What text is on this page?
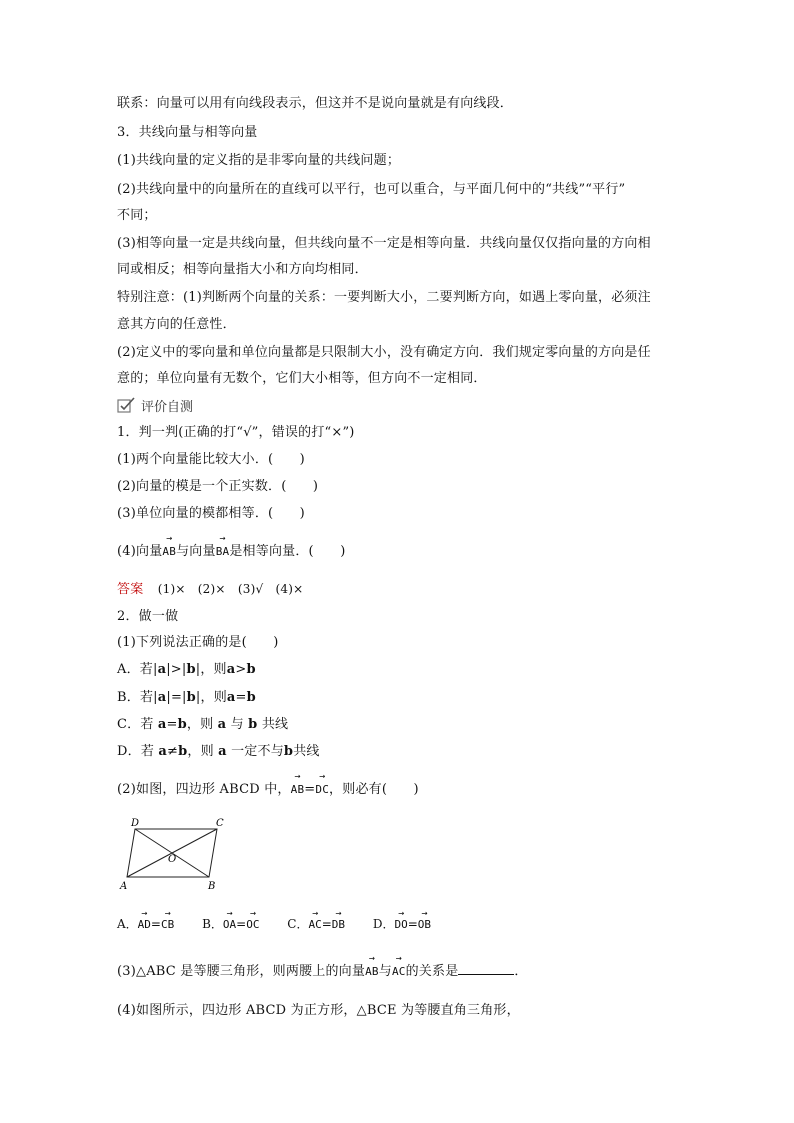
联系：向量可以用有向线段表示，但这并不是说向量就是有向线段．
3．共线向量与相等向量
(1)共线向量的定义指的是非零向量的共线问题；
(2)共线向量中的向量所在的直线可以平行，也可以重合，与平面几何中的“共线”“平行”
不同；
(3)相等向量一定是共线向量，但共线向量不一定是相等向量．共线向量仅仅指向量的方向相
同或相反；相等向量指大小和方向均相同．
特别注意：(1)判断两个向量的关系：一要判断大小，二要判断方向，如遇上零向量，必须注
意其方向的任意性．
(2)定义中的零向量和单位向量都是只限制大小，没有确定方向．我们规定零向量的方向是任
意的；单位向量有无数个，它们大小相等，但方向不一定相同．
评价自测
1．判一判(正确的打“√”，错误的打“×”)
(1)两个向量能比较大小．(　　)
(2)向量的模是一个正实数．(　　)
(3)单位向量的模都相等．(　　)
(4)向量→ AB与向量→ BA是相等向量．(　　)
答案 (1)×　(2)×　(3)√　(4)×
2．做一做
(1)下列说法正确的是(　　)
A．若|a|>|b|，则a>b
B．若|a|=|b|，则a=b
C．若 a=b，则 a 与 b 共线
D．若 a≠b，则 a 一定不与b共线
(2)如图，四边形 ABCD 中，→ AB=→ DC，则必有(　　)
D	C
O
A	B
A．→ AD=→ CB B．→ OA=→ OC C．→ AC=→ DB D．→ DO=→ OB
(3)△ABC 是等腰三角形，则两腰上的向量→ AB与→ AC的关系是	．
(4)如图所示，四边形 ABCD 为正方形，△BCE 为等腰直角三角形，
